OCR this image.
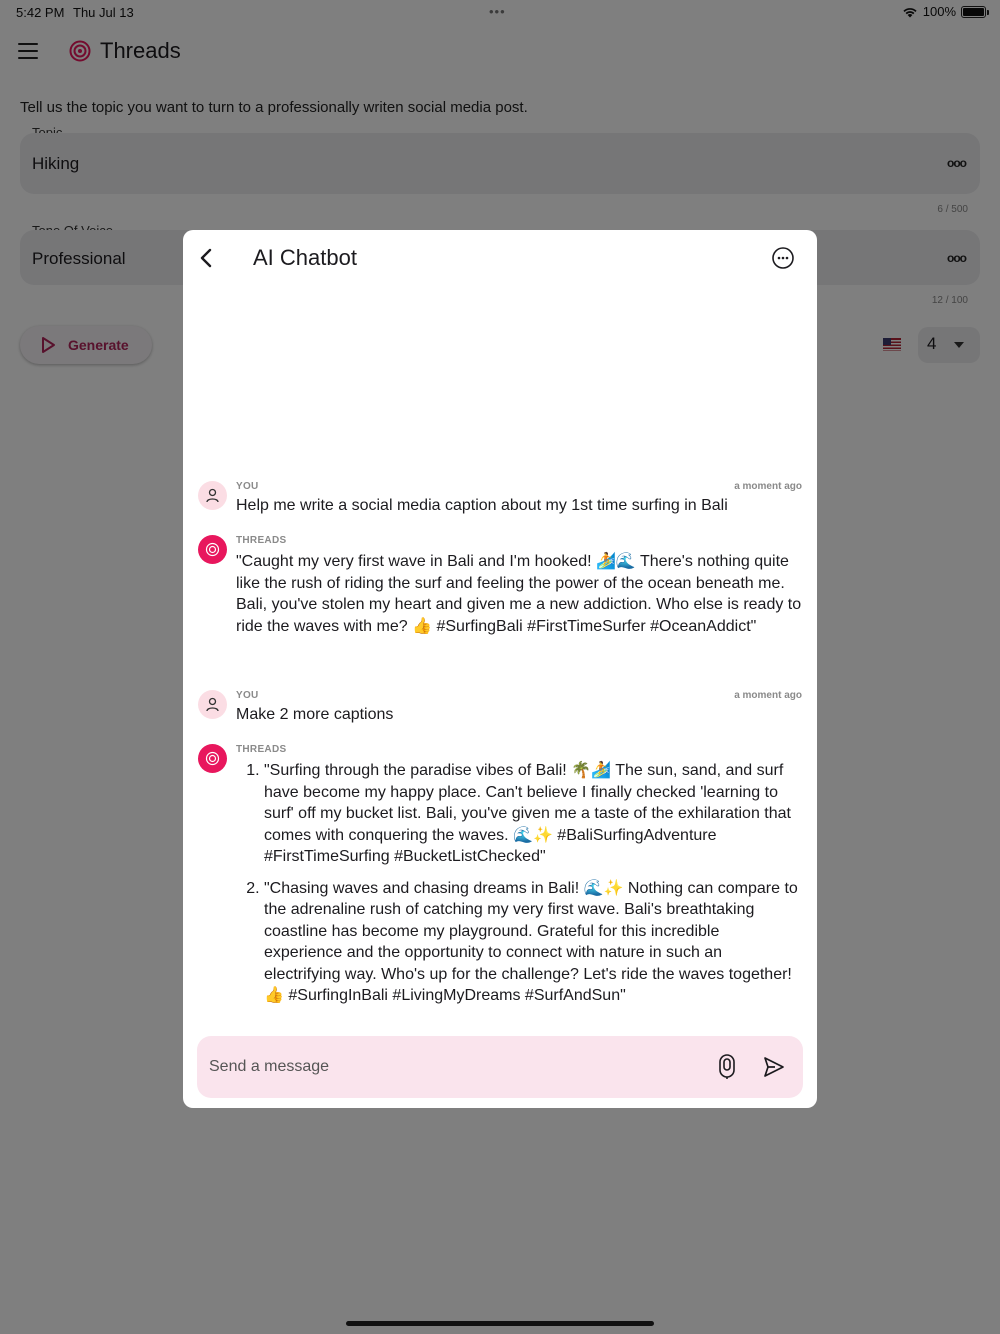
AI Chatbot
YOU	a moment ago

Help me write a social media caption about my 1st time surfing in Bali

THREADS

"Caught my very first wave in Bali and I'm hooked! 🏄🌊 There's nothing quite like the rush of riding the surf and feeling the power of the ocean beneath me. Bali, you've stolen my heart and given me a new addiction. Who else is ready to ride the waves with me? 👍 #SurfingBali #FirstTimeSurfer #OceanAddict"

YOU	a moment ago

Make 2 more captions

THREADS
1. "Surfing through the paradise vibes of Bali! 🌴🏄 The sun, sand, and surf have become my happy place. Can't believe I finally checked 'learning to surf' off my bucket list. Bali, you've given me a taste of the exhilaration that comes with conquering the waves. 🌊✨ #BaliSurfingAdventure #FirstTimeSurfing #BucketListChecked"
2. "Chasing waves and chasing dreams in Bali! 🌊✨ Nothing can compare to the adrenaline rush of catching my very first wave. Bali's breathtaking coastline has become my playground. Grateful for this incredible experience and the opportunity to connect with nature in such an electrifying way. Who's up for the challenge? Let's ride the waves together! 👍 #SurfingInBali #LivingMyDreams #SurfAndSun"
Send a message
